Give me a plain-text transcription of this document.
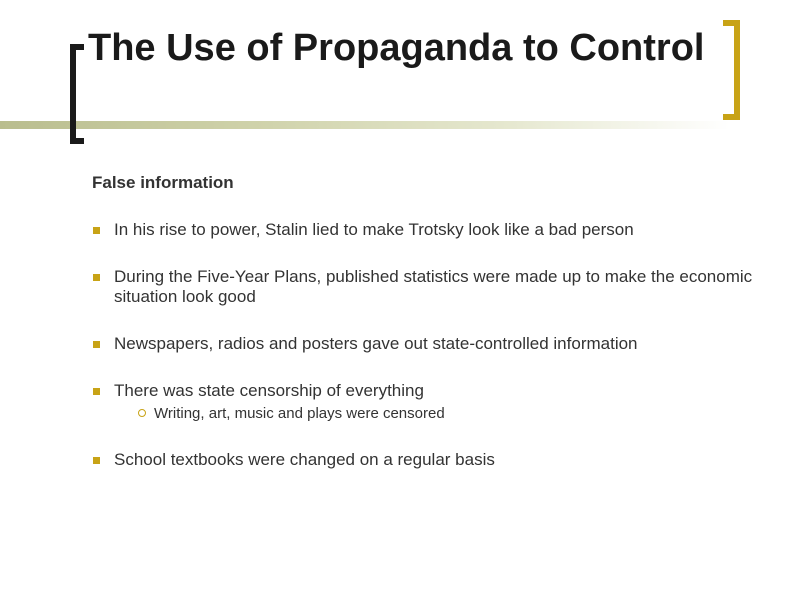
The Use of Propaganda to Control

False information

In his rise to power, Stalin lied to make Trotsky look like a bad person
During the Five-Year Plans, published statistics were made up to make the economic situation look good
Newspapers, radios and posters gave out state-controlled information
There was state censorship of everything
Writing, art, music and plays were censored
School textbooks were changed on a regular basis
